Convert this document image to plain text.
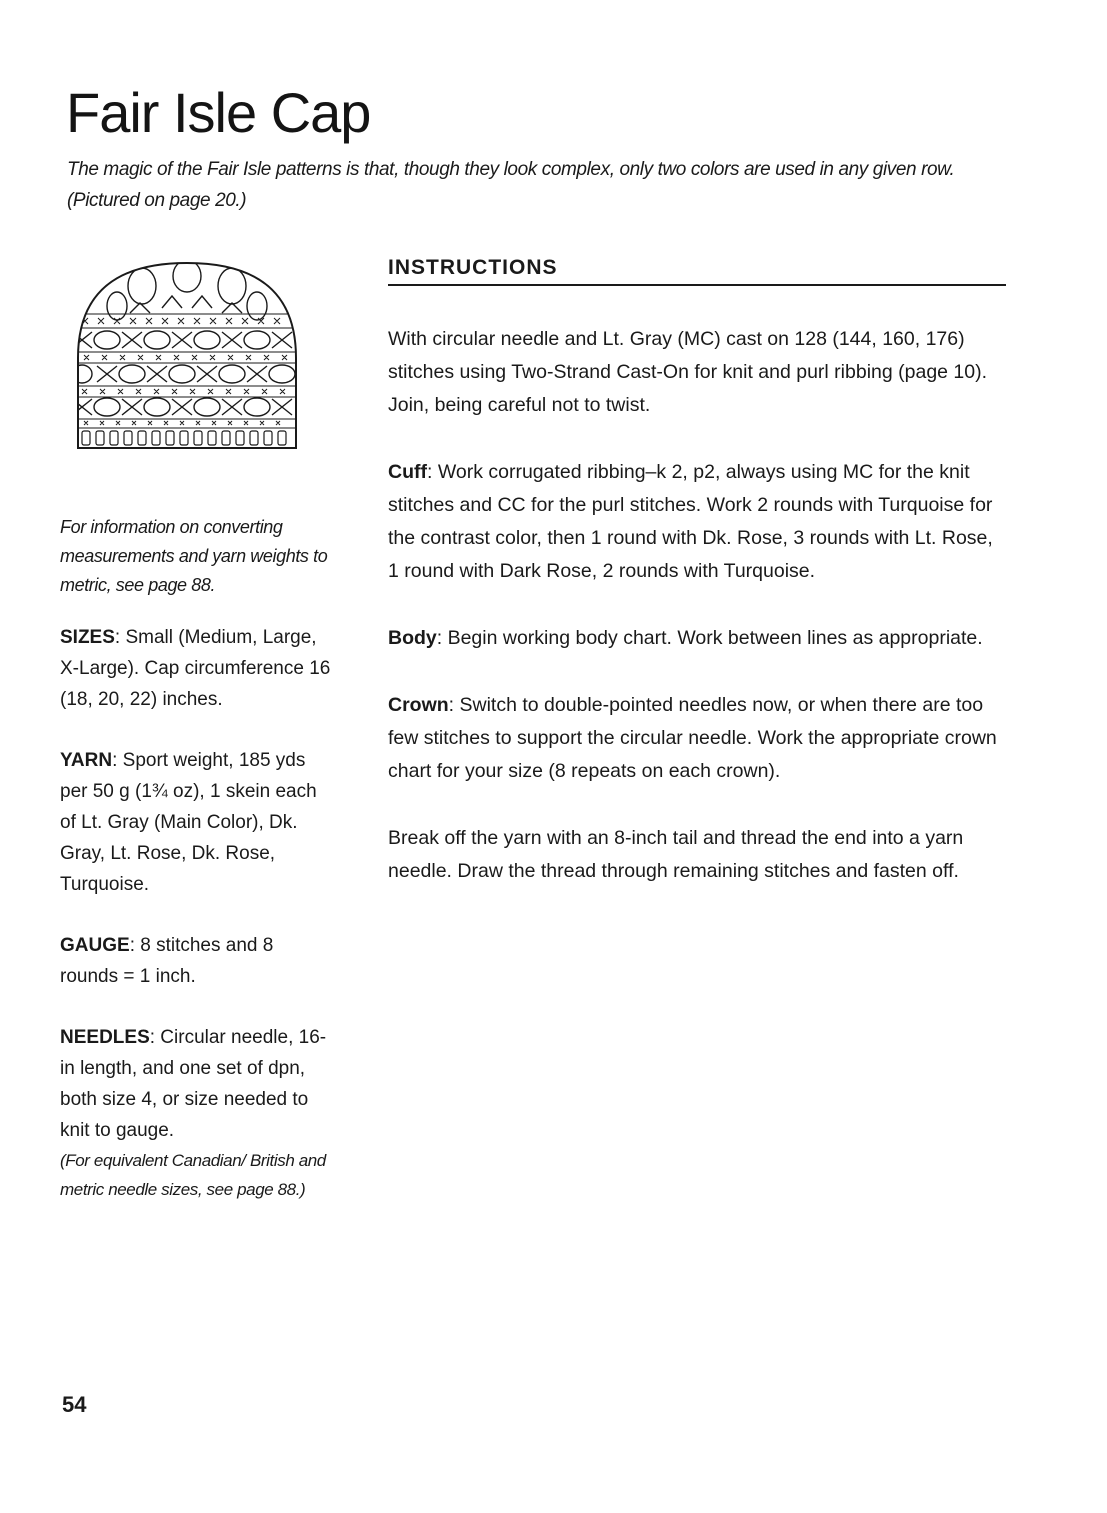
Fair Isle Cap

The magic of the Fair Isle patterns is that, though they look complex, only two colors are used in any given row. (Pictured on page 20.)

For information on converting measurements and yarn weights to metric, see page 88.

SIZES: Small (Medium, Large, X-Large). Cap circumference 16 (18, 20, 22) inches.

YARN: Sport weight, 185 yds per 50 g (1¾ oz), 1 skein each of Lt. Gray (Main Color), Dk. Gray, Lt. Rose, Dk. Rose, Turquoise.

GAUGE: 8 stitches and 8 rounds = 1 inch.

NEEDLES: Circular needle, 16-in length, and one set of dpn, both size 4, or size needed to knit to gauge.
(For equivalent Canadian/ British and metric needle sizes, see page 88.)

INSTRUCTIONS

With circular needle and Lt. Gray (MC) cast on 128 (144, 160, 176) stitches using Two-Strand Cast-On for knit and purl ribbing (page 10). Join, being careful not to twist.

Cuff: Work corrugated ribbing–k 2, p2, always using MC for the knit stitches and CC for the purl stitches. Work 2 rounds with Turquoise for the contrast color, then 1 round with Dk. Rose, 3 rounds with Lt. Rose, 1 round with Dark Rose, 2 rounds with Turquoise.

Body: Begin working body chart. Work between lines as appropriate.

Crown: Switch to double-pointed needles now, or when there are too few stitches to support the circular needle. Work the appropriate crown chart for your size (8 repeats on each crown).

Break off the yarn with an 8-inch tail and thread the end into a yarn needle. Draw the thread through remaining stitches and fasten off.

54
